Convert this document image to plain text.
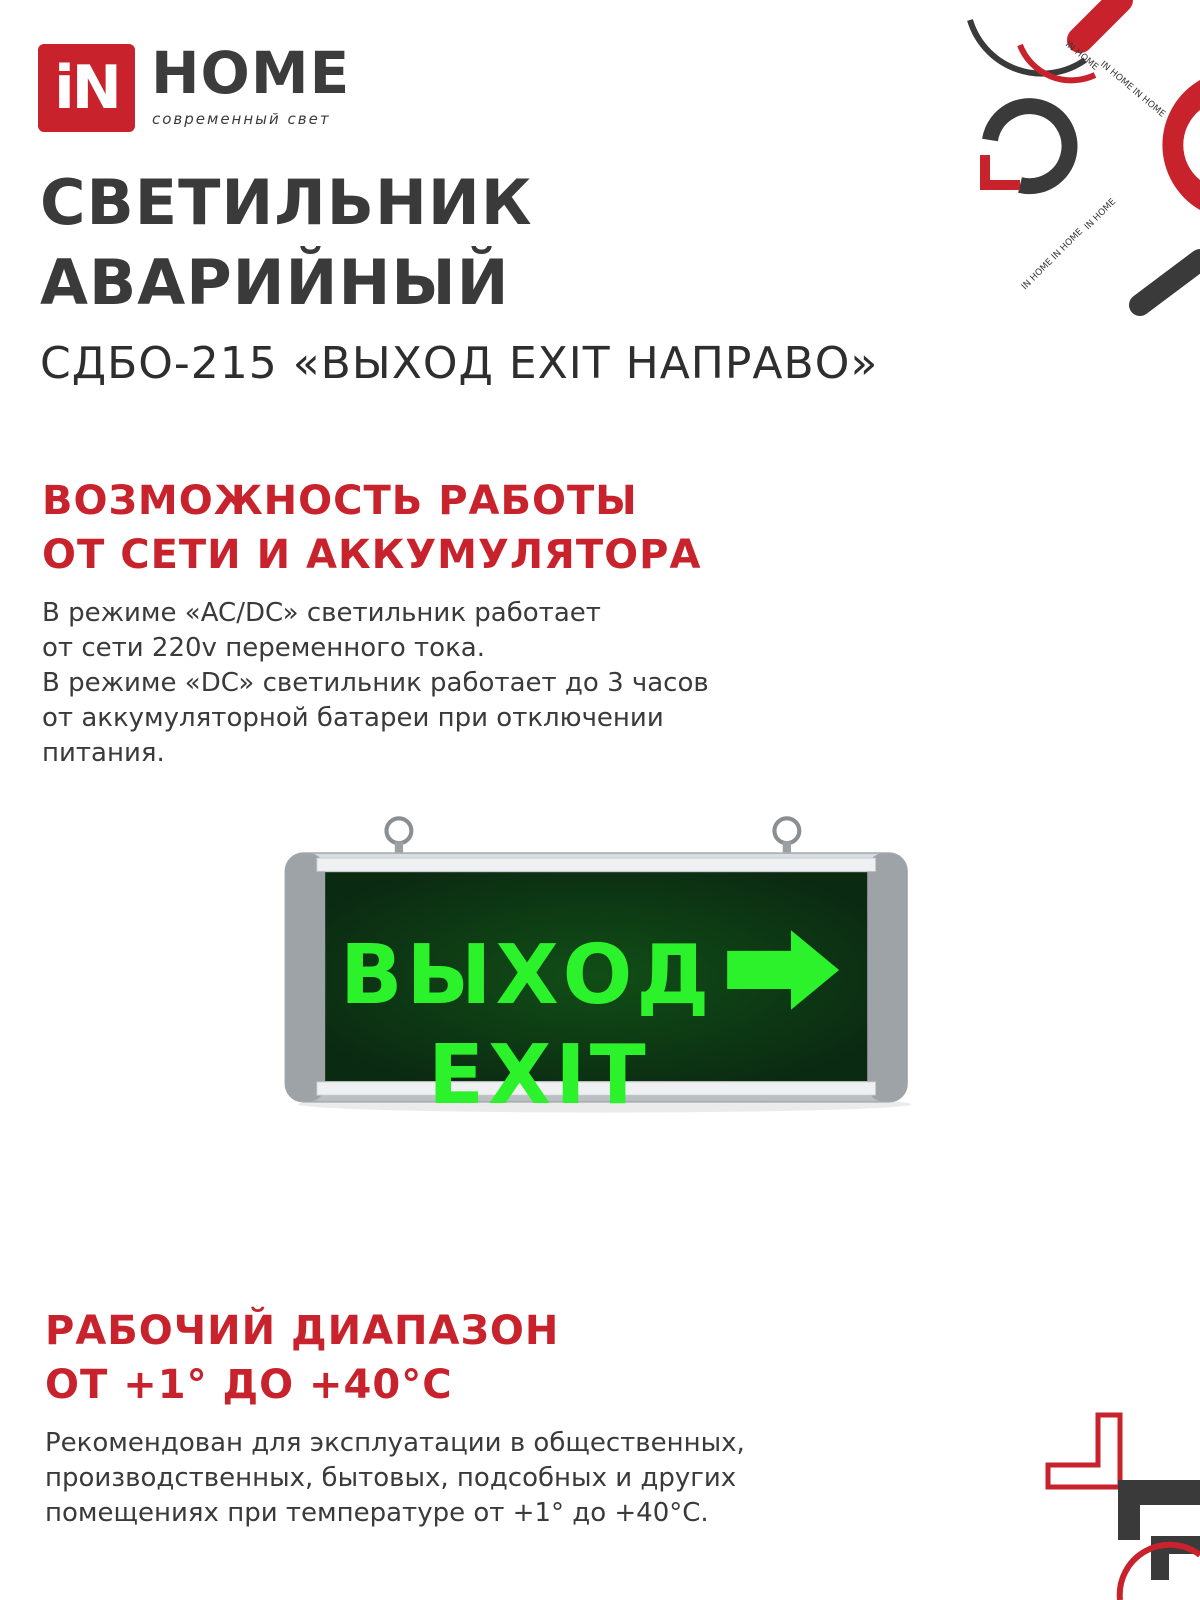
iN HOME
современный свет
IN HOME
IN HOME
IN HOME
IN HOME
IN HOME
IN HOME
СВЕТИЛЬНИК
АВАРИЙНЫЙ
СДБО-215 «ВЫХОД EXIT НАПРАВО»
ВОЗМОЖНОСТЬ РАБОТЫ
ОТ СЕТИ И АККУМУЛЯТОРА
В режиме «AC/DC» светильник работает
от сети 220v переменного тока.
В режиме «DC» светильник работает до 3 часов
от аккумуляторной батареи при отключении
питания.
ВЫХОД
EXIT
РАБОЧИЙ ДИАПАЗОН
ОТ +1° ДО +40°С
Рекомендован для эксплуатации в общественных,
производственных, бытовых, подсобных и других
помещениях при температуре от +1° до +40°С.
